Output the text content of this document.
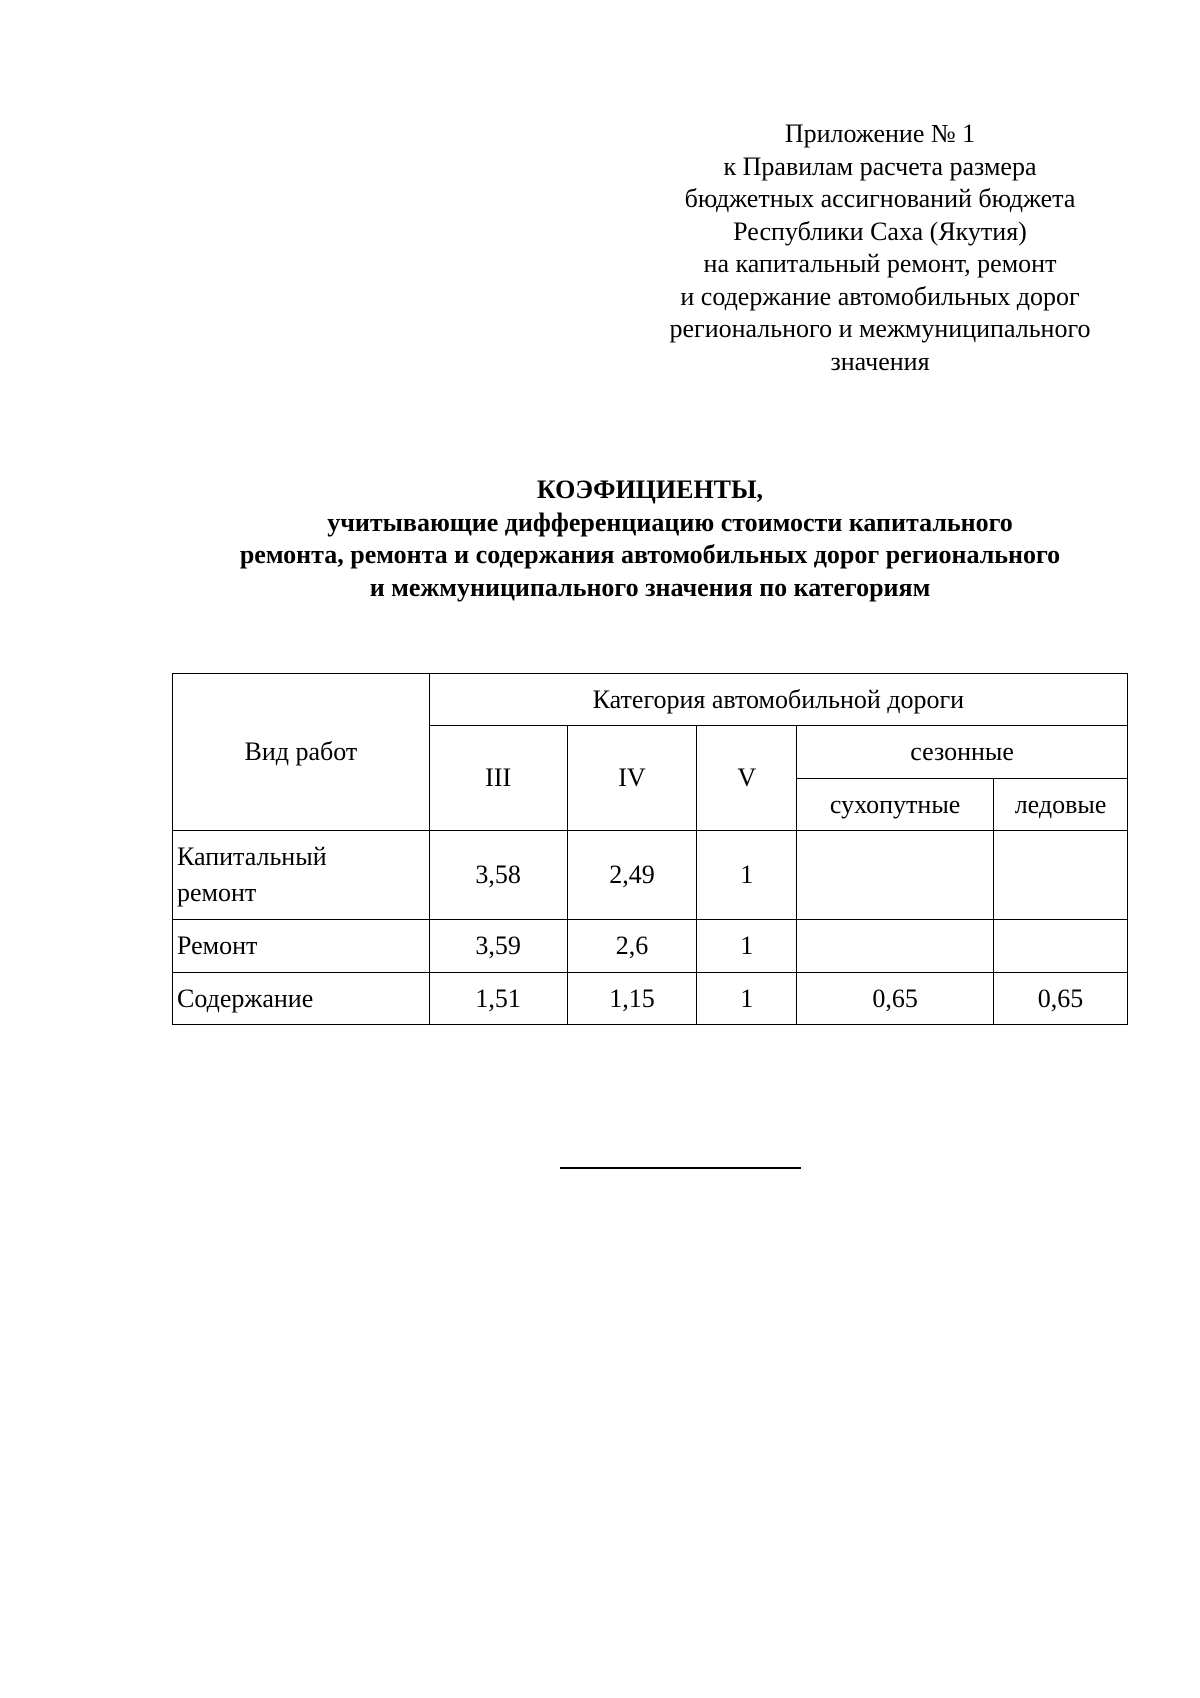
Приложение № 1
к Правилам расчета размера
бюджетных ассигнований бюджета
Республики Саха (Якутия)
на капитальный ремонт, ремонт
и содержание автомобильных дорог
регионального и межмуниципального
значения
КОЭФИЦИЕНТЫ,
учитывающие дифференциацию стоимости капитального
ремонта, ремонта и содержания автомобильных дорог регионального
и межмуниципального значения по категориям
Вид работ	Категория автомобильной дороги				
	III	IV	V	сезонные	
				сухопутные	ледовые
Капитальный
ремонт	3,58	2,49	1		
Ремонт	3,59	2,6	1		
Содержание	1,51	1,15	1	0,65	0,65
